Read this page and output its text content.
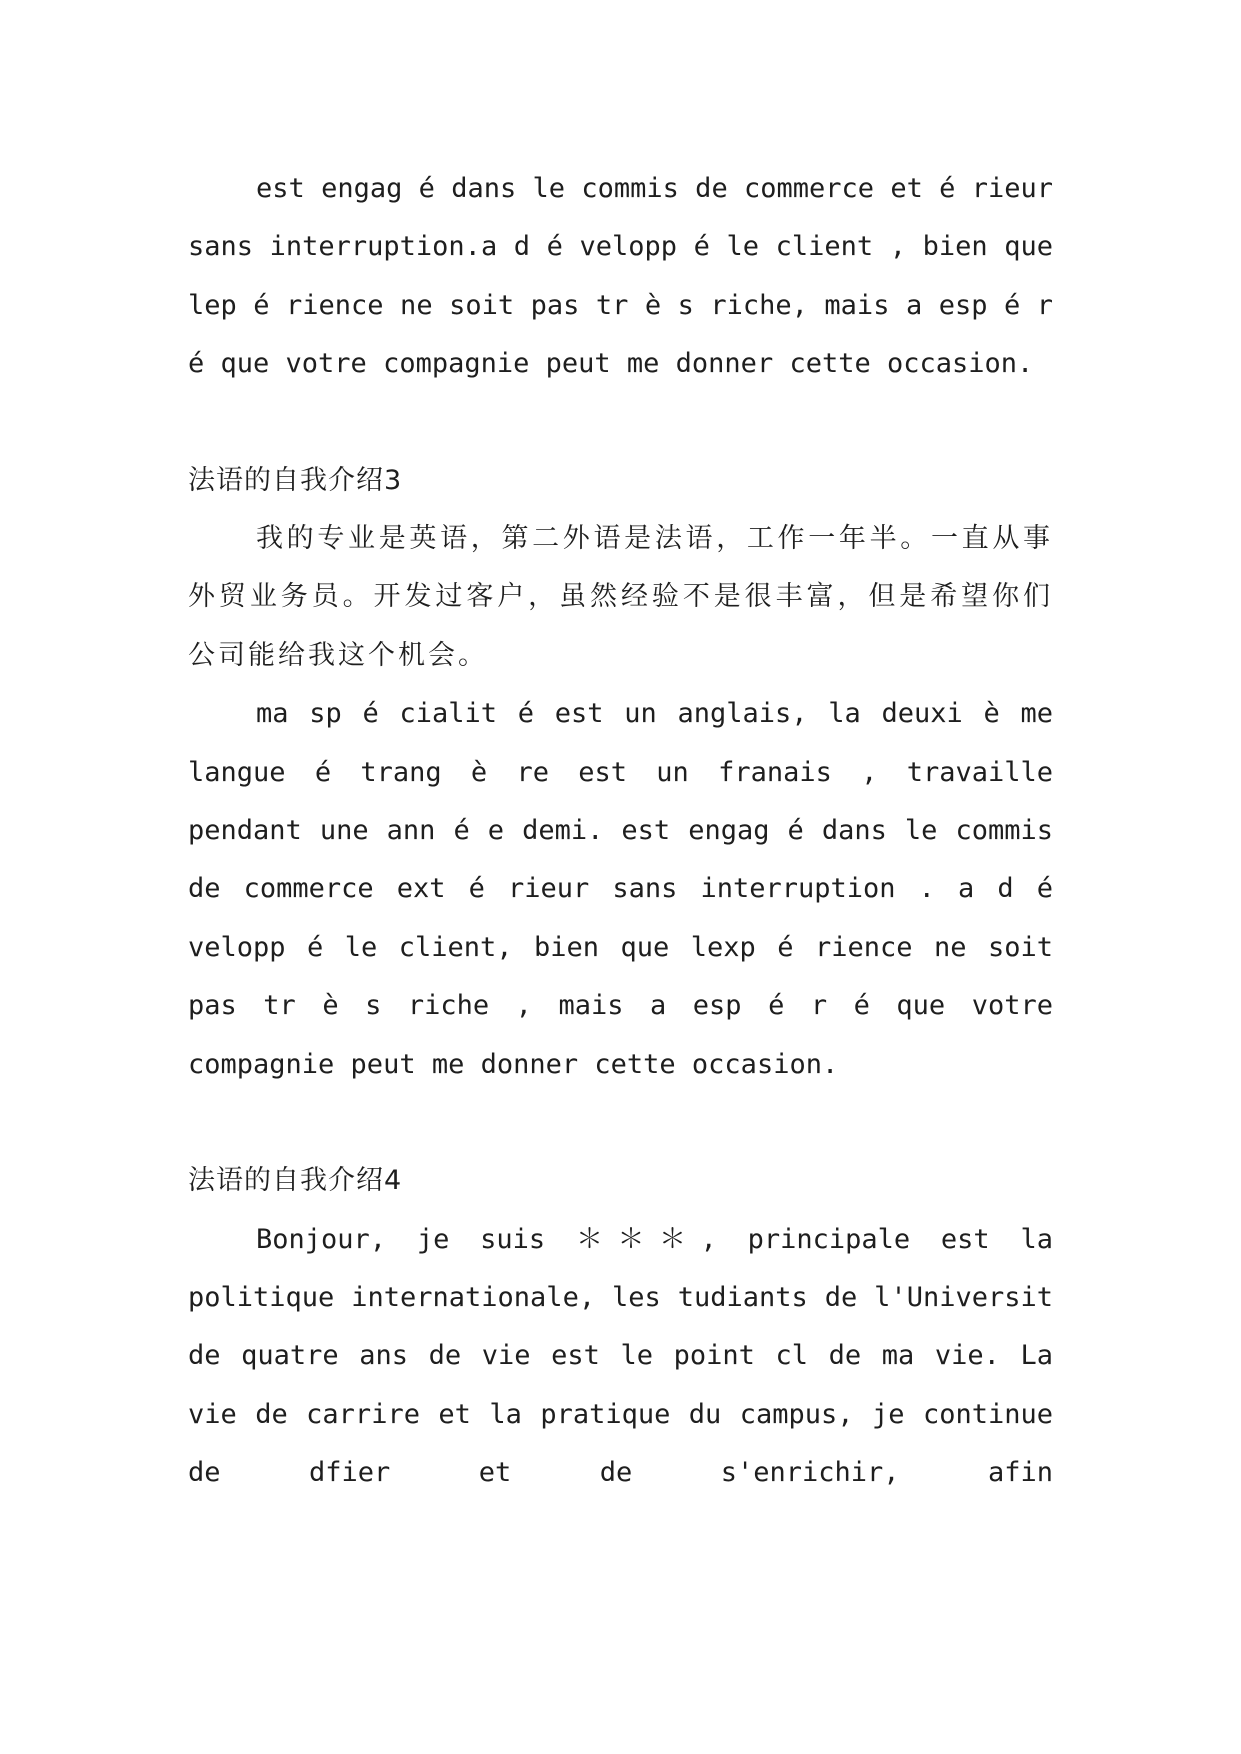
est engag é dans le commis de commerce et é rieur sans interruption.a d é velopp é le client , bien que lep é rience ne soit pas tr è s riche, mais a esp é r é que votre compagnie peut me donner cette occasion.

法语的自我介绍3

我的专业是英语，第二外语是法语，工作一年半。一直从事外贸业务员。开发过客户，虽然经验不是很丰富，但是希望你们公司能给我这个机会。

ma sp é cialit é est un anglais, la deuxi è me langue é trang è re est un franais , travaille pendant une ann é e demi. est engag é dans le commis de commerce ext é rieur sans interruption . a d é velopp é le client, bien que lexp é rience ne soit pas tr è s riche , mais a esp é r é que votre compagnie peut me donner cette occasion.

法语的自我介绍4

Bonjour, je suis ＊＊＊, principale est la politique internationale, les tudiants de l'Universit de quatre ans de vie est le point cl de ma vie. La vie de carrire et la pratique du campus, je continue de dfier et de s'enrichir, afin
